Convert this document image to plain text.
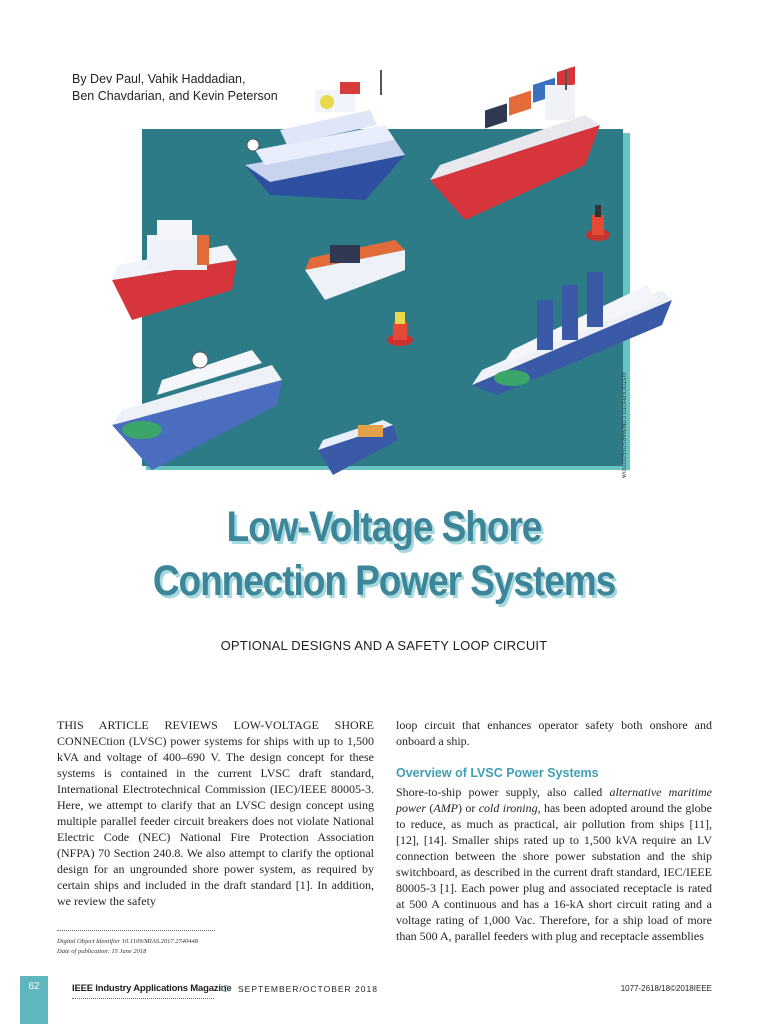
By Dev Paul, Vahik Haddadian,
Ben Chavdarian, and Kevin Peterson
©ISTOCKPHOTO.COM/MARGOFEDOTOVA
Low-Voltage Shore
Connection Power Systems
OPTIONAL DESIGNS AND A SAFETY LOOP CIRCUIT

THIS ARTICLE REVIEWS LOW-VOLTAGE SHORE CONNECtion (LVSC) power systems for ships with up to 1,500 kVA and voltage of 400–690 V. The design concept for these systems is contained in the current LVSC draft standard, International Electrotechnical Commission (IEC)/IEEE 80005-3. Here, we attempt to clarify that an LVSC design concept using multiple parallel feeder circuit breakers does not violate National Electric Code (NEC) National Fire Protection Association (NFPA) 70 Section 240.8. We also attempt to clarify the optional design for an ungrounded shore power system, as required by certain ships and included in the draft standard [1]. In addition, we review the safety

loop circuit that enhances operator safety both onshore and onboard a ship.

Overview of LVSC Power Systems

Shore-to-ship power supply, also called alternative maritime power (AMP) or cold ironing, has been adopted around the globe to reduce, as much as practical, air pollution from ships [11], [12], [14]. Smaller ships rated up to 1,500 kVA require an LV connection between the shore power substation and the ship switchboard, as described in the current draft standard, IEC/IEEE 80005-3 [1]. Each power plug and associated receptacle is rated at 500 A continuous and has a 16-kA short circuit rating and a voltage rating of 1,000 Vac. Therefore, for a ship load of more than 500 A, parallel feeders with plug and receptacle assemblies

Digital Object Identifier 10.1109/MIAS.2017.2740448
Date of publication: 15 June 2018
62	IEEE Industry Applications Magazine SEPTEMBER/OCTOBER 2018	1077-2618/18©2018IEEE
